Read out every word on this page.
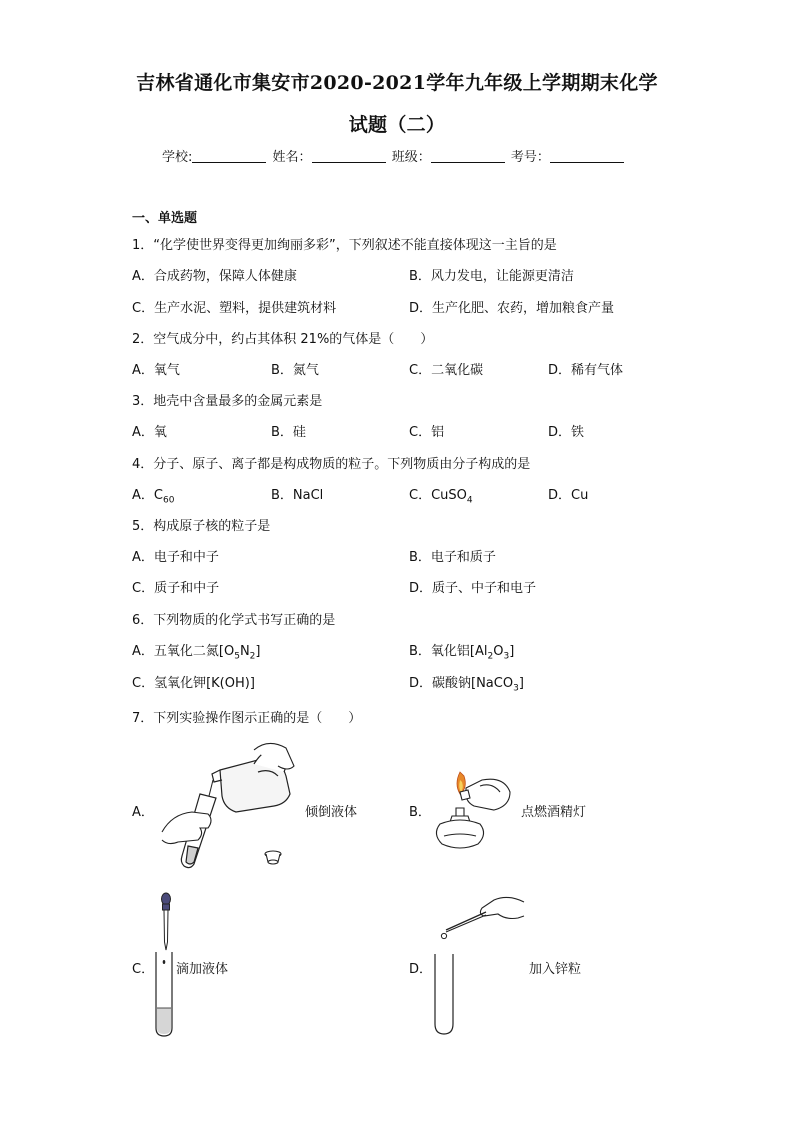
吉林省通化市集安市2020-2021学年九年级上学期期末化学
试题（二）
学校:	姓名：	班级：	考号：
一、单选题
1．“化学使世界变得更加绚丽多彩”，下列叙述不能直接体现这一主旨的是
A．合成药物，保障人体健康	B．风力发电，让能源更清洁
C．生产水泥、塑料，提供建筑材料	D．生产化肥、农药，增加粮食产量
2．空气成分中，约占其体积 21%的气体是（　　）
A．氧气	B．氮气	C．二氧化碳	D．稀有气体
3．地壳中含量最多的金属元素是
A．氧	B．硅	C．铝	D．铁
4．分子、原子、离子都是构成物质的粒子。下列物质由分子构成的是
A．$C_{60}$	B．NaCl	C．CuSO$_4$	D．Cu
5．构成原子核的粒子是
A．电子和中子	B．电子和质子
C．质子和中子	D．质子、中子和电子
6．下列物质的化学式书写正确的是
A．五氧化二氮$[O_5N_2]$	B．氧化铝$[Al_2O_3]$
C．氢氧化钾[K(OH)]	D．碳酸钠[NaCO$_3$]
7．下列实验操作图示正确的是（　　）
A．	倾倒液体	B．	点燃酒精灯
C． 滴加液体	D．	加入锌粒
